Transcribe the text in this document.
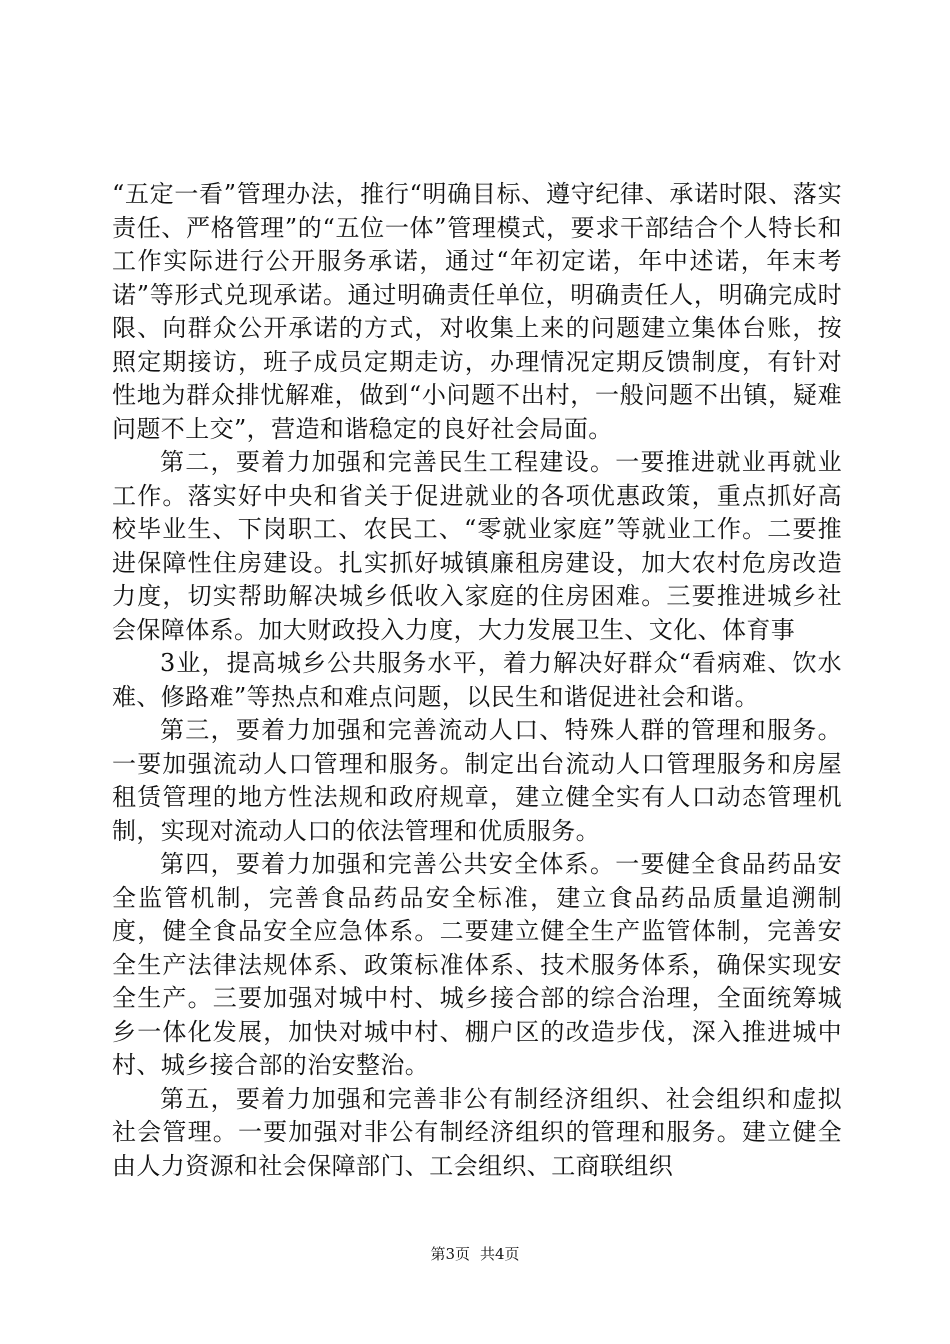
“五定一看”管理办法，推行“明确目标、遵守纪律、承诺时限、落实责任、严格管理”的“五位一体”管理模式，要求干部结合个人特长和工作实际进行公开服务承诺，通过“年初定诺，年中述诺，年末考诺”等形式兑现承诺。通过明确责任单位，明确责任人，明确完成时限、向群众公开承诺的方式，对收集上来的问题建立集体台账，按照定期接访，班子成员定期走访，办理情况定期反馈制度，有针对性地为群众排忧解难，做到“小问题不出村，一般问题不出镇，疑难问题不上交”，营造和谐稳定的良好社会局面。

第二，要着力加强和完善民生工程建设。一要推进就业再就业工作。落实好中央和省关于促进就业的各项优惠政策，重点抓好高校毕业生、下岗职工、农民工、“零就业家庭”等就业工作。二要推进保障性住房建设。扎实抓好城镇廉租房建设，加大农村危房改造力度，切实帮助解决城乡低收入家庭的住房困难。三要推进城乡社会保障体系。加大财政投入力度，大力发展卫生、文化、体育事

3业，提高城乡公共服务水平，着力解决好群众“看病难、饮水难、修路难”等热点和难点问题，以民生和谐促进社会和谐。

第三，要着力加强和完善流动人口、特殊人群的管理和服务。一要加强流动人口管理和服务。制定出台流动人口管理服务和房屋租赁管理的地方性法规和政府规章，建立健全实有人口动态管理机制，实现对流动人口的依法管理和优质服务。

第四，要着力加强和完善公共安全体系。一要健全食品药品安全监管机制，完善食品药品安全标准，建立食品药品质量追溯制度，健全食品安全应急体系。二要建立健全生产监管体制，完善安全生产法律法规体系、政策标准体系、技术服务体系，确保实现安全生产。三要加强对城中村、城乡接合部的综合治理，全面统筹城乡一体化发展，加快对城中村、棚户区的改造步伐，深入推进城中村、城乡接合部的治安整治。

第五，要着力加强和完善非公有制经济组织、社会组织和虚拟社会管理。一要加强对非公有制经济组织的管理和服务。建立健全由人力资源和社会保障部门、工会组织、工商联组织

第3页 共4页
